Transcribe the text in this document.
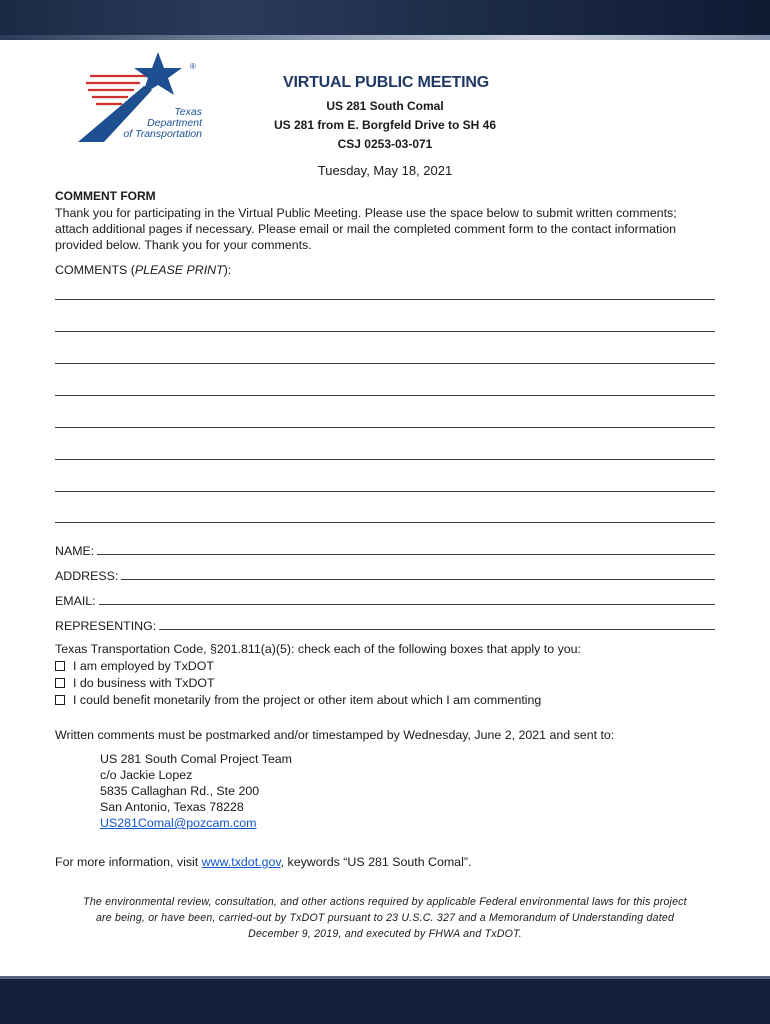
®
Texas
Department
of Transportation
VIRTUAL PUBLIC MEETING
US 281 South Comal
US 281 from E. Borgfeld Drive to SH 46
CSJ 0253-03-071
Tuesday, May 18, 2021
COMMENT FORM
Thank you for participating in the Virtual Public Meeting. Please use the space below to submit written comments;
attach additional pages if necessary. Please email or mail the completed comment form to the contact information
provided below. Thank you for your comments.
COMMENTS (PLEASE PRINT):
NAME:
ADDRESS:
EMAIL:
REPRESENTING:
Texas Transportation Code, §201.811(a)(5): check each of the following boxes that apply to you:
I am employed by TxDOT
I do business with TxDOT
I could benefit monetarily from the project or other item about which I am commenting
Written comments must be postmarked and/or timestamped by Wednesday, June 2, 2021 and sent to:
US 281 South Comal Project Team
c/o Jackie Lopez
5835 Callaghan Rd., Ste 200
San Antonio, Texas 78228
US281Comal@pozcam.com
For more information, visit www.txdot.gov, keywords “US 281 South Comal”.
The environmental review, consultation, and other actions required by applicable Federal environmental laws for this project
are being, or have been, carried-out by TxDOT pursuant to 23 U.S.C. 327 and a Memorandum of Understanding dated
December 9, 2019, and executed by FHWA and TxDOT.
